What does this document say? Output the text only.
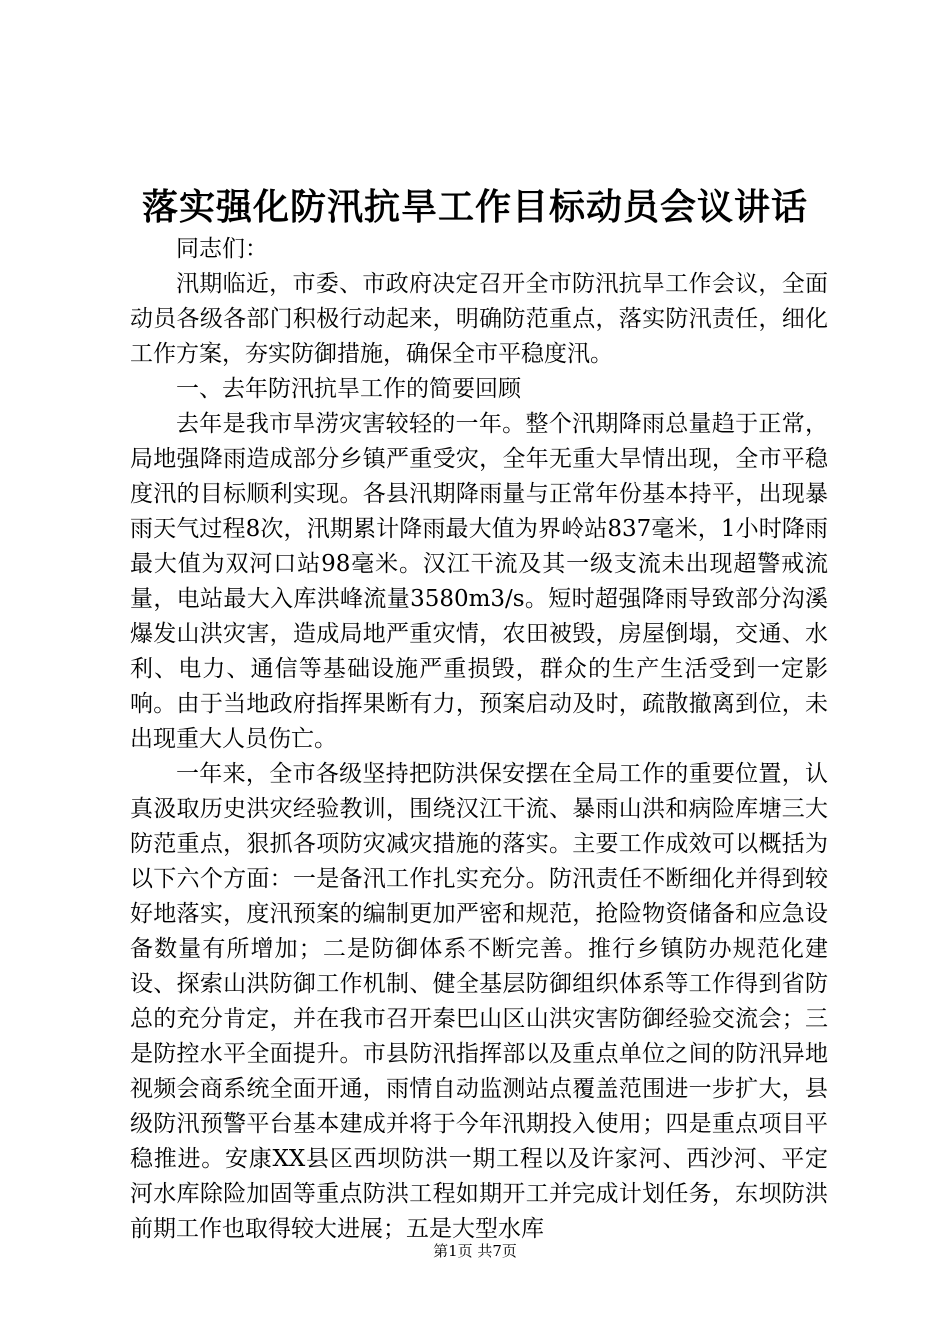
落实强化防汛抗旱工作目标动员会议讲话

同志们：

汛期临近，市委、市政府决定召开全市防汛抗旱工作会议，全面动员各级各部门积极行动起来，明确防范重点，落实防汛责任，细化工作方案，夯实防御措施，确保全市平稳度汛。

一、去年防汛抗旱工作的简要回顾

去年是我市旱涝灾害较轻的一年。整个汛期降雨总量趋于正常，局地强降雨造成部分乡镇严重受灾，全年无重大旱情出现，全市平稳度汛的目标顺利实现。各县汛期降雨量与正常年份基本持平，出现暴雨天气过程8次，汛期累计降雨最大值为界岭站837毫米，1小时降雨最大值为双河口站98毫米。汉江干流及其一级支流未出现超警戒流量，电站最大入库洪峰流量3580m3/s。短时超强降雨导致部分沟溪爆发山洪灾害，造成局地严重灾情，农田被毁，房屋倒塌，交通、水利、电力、通信等基础设施严重损毁，群众的生产生活受到一定影响。由于当地政府指挥果断有力，预案启动及时，疏散撤离到位，未出现重大人员伤亡。

一年来，全市各级坚持把防洪保安摆在全局工作的重要位置，认真汲取历史洪灾经验教训，围绕汉江干流、暴雨山洪和病险库塘三大防范重点，狠抓各项防灾减灾措施的落实。主要工作成效可以概括为以下六个方面：一是备汛工作扎实充分。防汛责任不断细化并得到较好地落实，度汛预案的编制更加严密和规范，抢险物资储备和应急设备数量有所增加；二是防御体系不断完善。推行乡镇防办规范化建设、探索山洪防御工作机制、健全基层防御组织体系等工作得到省防总的充分肯定，并在我市召开秦巴山区山洪灾害防御经验交流会；三是防控水平全面提升。市县防汛指挥部以及重点单位之间的防汛异地视频会商系统全面开通，雨情自动监测站点覆盖范围进一步扩大，县级防汛预警平台基本建成并将于今年汛期投入使用；四是重点项目平稳推进。安康XX县区西坝防洪一期工程以及许家河、西沙河、平定河水库除险加固等重点防洪工程如期开工并完成计划任务，东坝防洪前期工作也取得较大进展；五是大型水库

第1页 共7页
